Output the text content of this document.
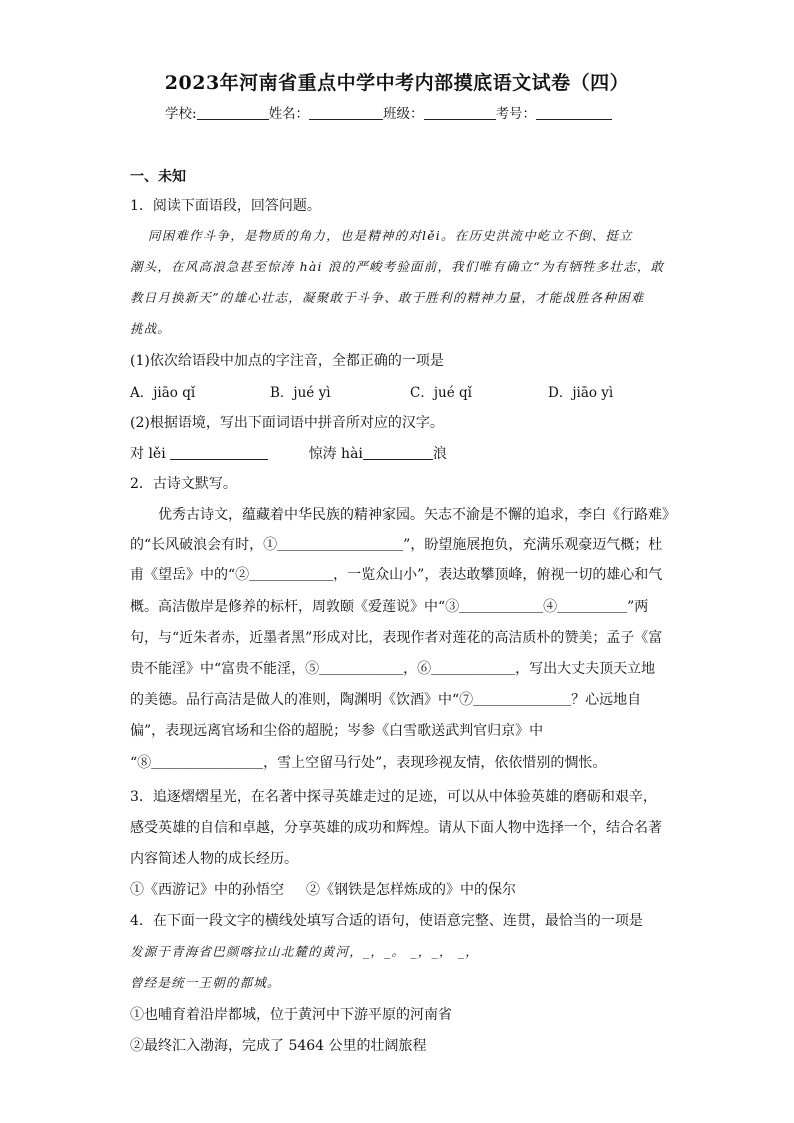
2023年河南省重点中学中考内部摸底语文试卷（四）
学校:	姓名：	班级：	考号：
一、未知
1．阅读下面语段，回答问题。
同困难作斗争，是物质的角力，也是精神的对lěi。在历史洪流中屹立不倒、挺立
潮头，在风高浪急甚至惊涛 hài 浪的严峻考验面前，我们唯有确立“为有牺牲多壮志，敢
教日月换新天”的雄心壮志，凝聚敢于斗争、敢于胜利的精神力量，才能战胜各种困难
挑战。
(1)依次给语段中加点的字注音，全都正确的一项是
A．jiāo qǐ	B．jué yì	C．jué qǐ	D．jiāo yì
(2)根据语境，写出下面词语中拼音所对应的汉字。
对 lěi	惊涛 hài	浪
2．古诗文默写。
　　优秀古诗文，蕴藏着中华民族的精神家园。矢志不渝是不懈的追求，李白《行路难》
的“长风破浪会有时，①＿＿＿＿＿＿＿＿＿”，盼望施展抱负，充满乐观豪迈气概；杜
甫《望岳》中的“②＿＿＿＿＿＿，一览众山小”，表达敢攀顶峰，俯视一切的雄心和气
概。高洁傲岸是修养的标杆，周敦颐《爱莲说》中“③＿＿＿＿＿＿④＿＿＿＿＿”两
句，与“近朱者赤，近墨者黑”形成对比，表现作者对莲花的高洁质朴的赞美；孟子《富
贵不能淫》中“富贵不能淫，⑤＿＿＿＿＿＿，⑥＿＿＿＿＿＿，写出大丈夫顶天立地
的美德。品行高洁是做人的准则，陶渊明《饮酒》中“⑦＿＿＿＿＿＿＿？心远地自
偏”，表现远离官场和尘俗的超脱；岑参《白雪歌送武判官归京》中
“⑧＿＿＿＿＿＿＿＿，雪上空留马行处”，表现珍视友情，依依惜别的惆怅。
3．追逐熠熠星光，在名著中探寻英雄走过的足迹，可以从中体验英雄的磨砺和艰辛，
感受英雄的自信和卓越，分享英雄的成功和辉煌。请从下面人物中选择一个，结合名著
内容简述人物的成长经历。
①《西游记》中的孙悟空 ②《钢铁是怎样炼成的》中的保尔
4．在下面一段文字的横线处填写合适的语句，使语意完整、连贯，最恰当的一项是
发源于青海省巴颜喀拉山北麓的黄河，_，_。 _，_， _，
曾经是统一王朝的都城。
①也哺育着沿岸都城，位于黄河中下游平原的河南省
②最终汇入渤海，完成了 5464 公里的壮阔旅程
